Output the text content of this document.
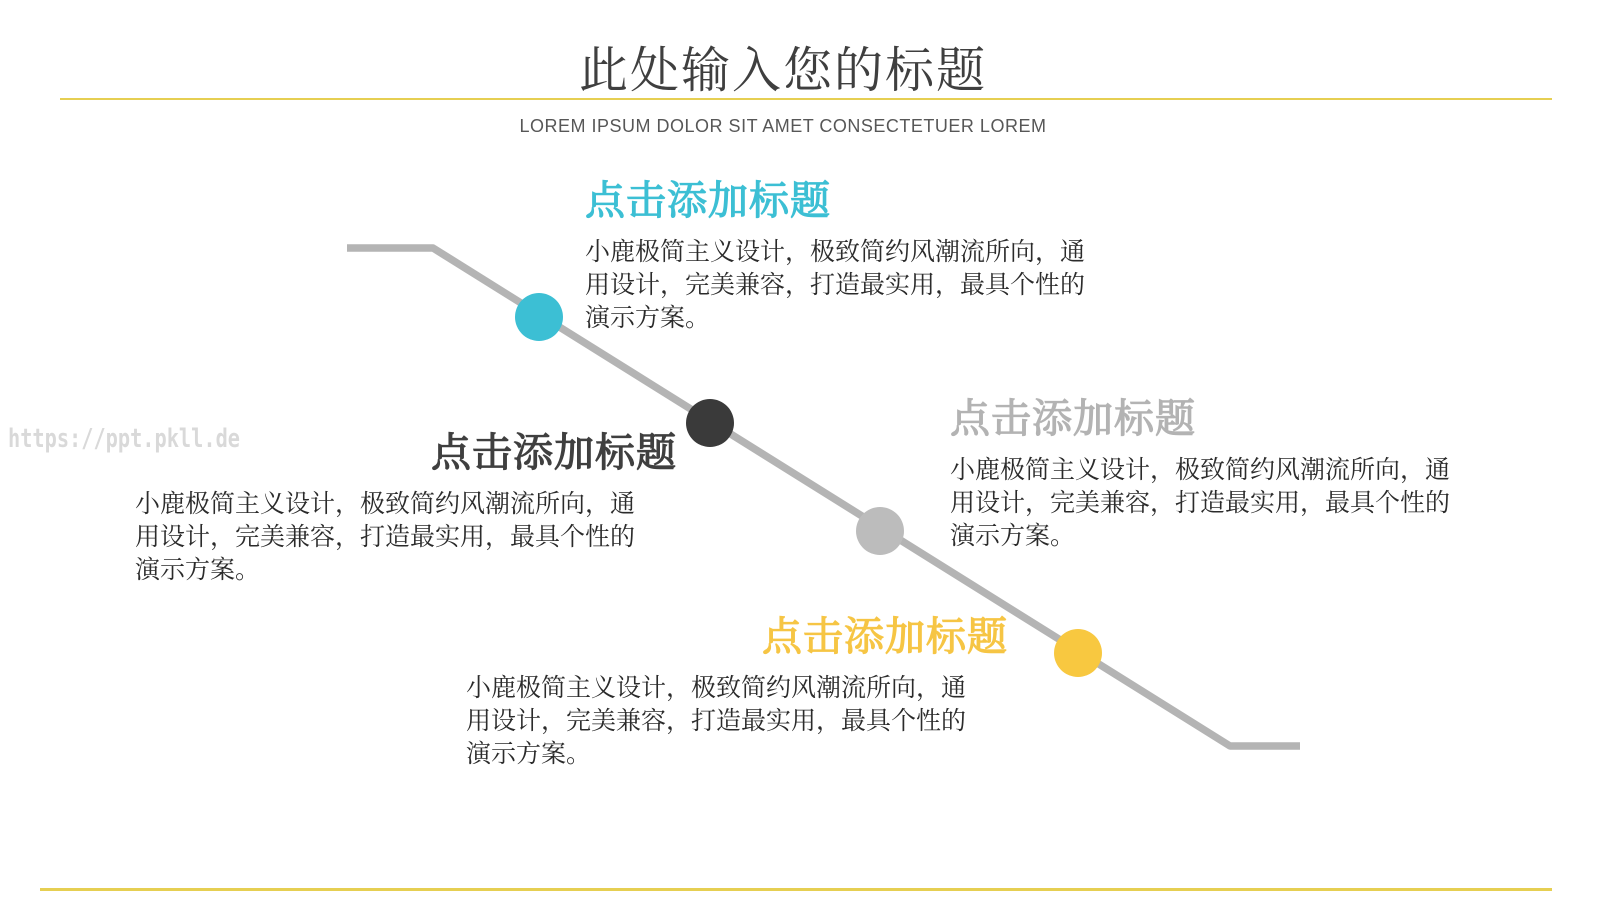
此处输入您的标题
LOREM IPSUM DOLOR SIT AMET CONSECTETUER LOREM
https://ppt.pkll.de
点击添加标题
小鹿极简主义设计，极致简约风潮流所向，通
用设计，完美兼容，打造最实用，最具个性的
演示方案。
点击添加标题
小鹿极简主义设计，极致简约风潮流所向，通
用设计，完美兼容，打造最实用，最具个性的
演示方案。
点击添加标题
小鹿极简主义设计，极致简约风潮流所向，通
用设计，完美兼容，打造最实用，最具个性的
演示方案。
点击添加标题
小鹿极简主义设计，极致简约风潮流所向，通
用设计，完美兼容，打造最实用，最具个性的
演示方案。
